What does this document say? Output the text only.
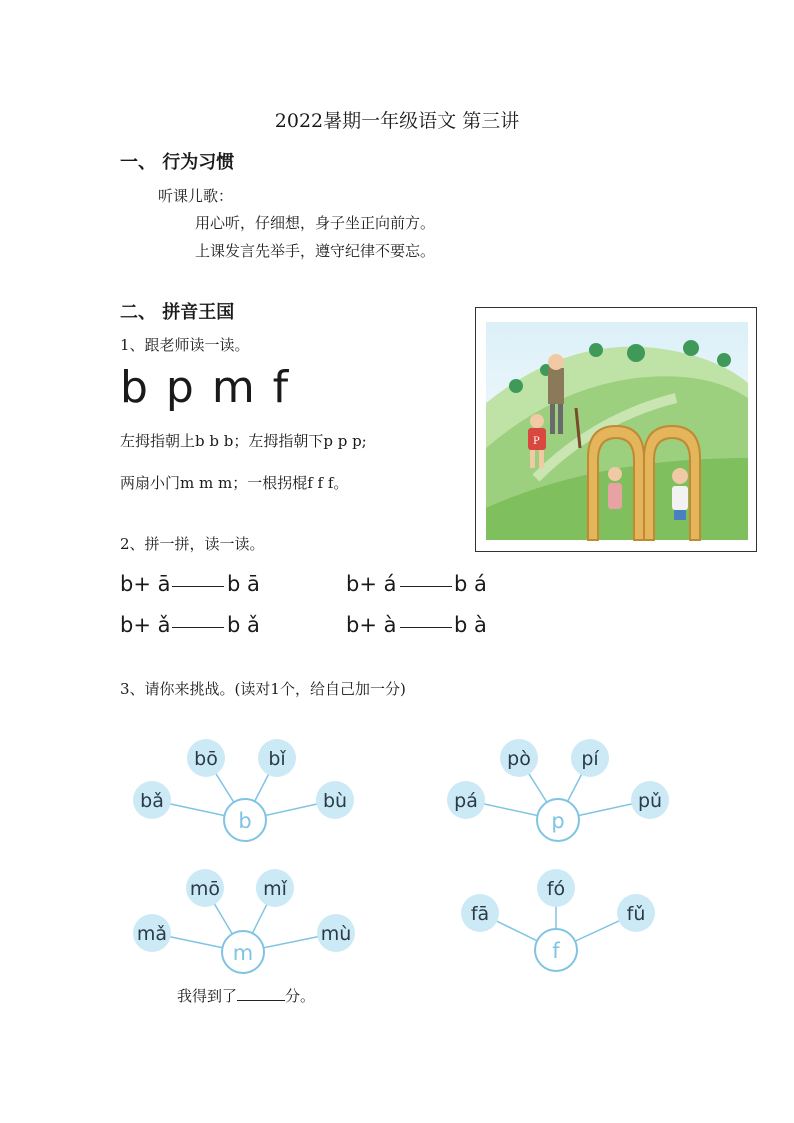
2022暑期一年级语文 第三讲
一、 行为习惯
听课儿歌：
用心听，仔细想，身子坐正向前方。
上课发言先举手，遵守纪律不要忘。
二、 拼音王国
1、跟老师读一读。
b p m f
左拇指朝上b b b；左拇指朝下p p p;
两扇小门m m m；一根拐棍f f f。
P
2、拼一拼，读一读。
b+ ā	b ā	b+ á	b á
b+ ǎ	b ǎ	b+ à	b à
3、请你来挑战。(读对1个，给自己加一分)
bǎ
bō	bǐ
bù
b
pá
pò	pí
pǔ
p
mǎ
mō mǐ
mù
m
fā
fó
fǔ
f
我得到了	分。
